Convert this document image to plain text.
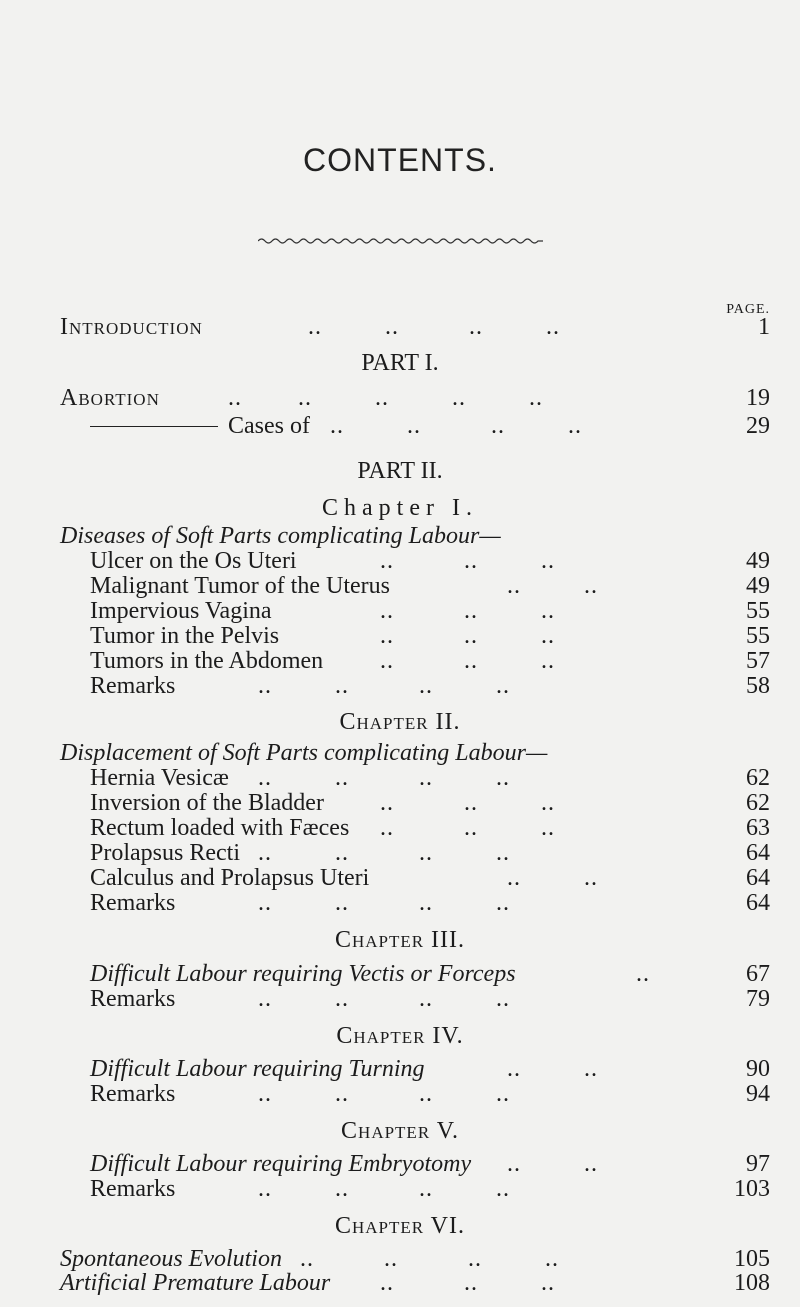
CONTENTS.
PAGE.
Introduction	..         ..          ..         ..	1
PART I.
Abortion	..        ..         ..         ..         ..	19
Cases of ..         ..          ..         ..	29
PART II.
Chapter I.
Diseases of Soft Parts complicating Labour—
Ulcer on the Os Uteri	..          ..         ..	49
Malignant Tumor of the Uterus	..         ..	49
Impervious Vagina	..          ..         ..	55
Tumor in the Pelvis	..          ..         ..	55
Tumors in the Abdomen ..          ..         ..	57
Remarks	..         ..          ..         ..	58
Chapter II.
Displacement of Soft Parts complicating Labour—
Hernia Vesicæ ..         ..          ..         ..	62
Inversion of the Bladder ..          ..         ..	62
Rectum loaded with Fæces ..          ..         ..	63
Prolapsus Recti ..         ..          ..         ..	64
Calculus and Prolapsus Uteri	..         ..	64
Remarks	..         ..          ..         ..	64
Chapter III.
Difficult Labour requiring Vectis or Forceps	..	67
Remarks	..         ..          ..         ..	79
Chapter IV.
Difficult Labour requiring Turning	..         ..	90
Remarks	..         ..          ..         ..	94
Chapter V.
Difficult Labour requiring Embryotomy ..         ..	97
Remarks	..         ..          ..         ..	103
Chapter VI.
Spontaneous Evolution ..          ..          ..         ..	105
Artificial Premature Labour ..          ..         ..	108
